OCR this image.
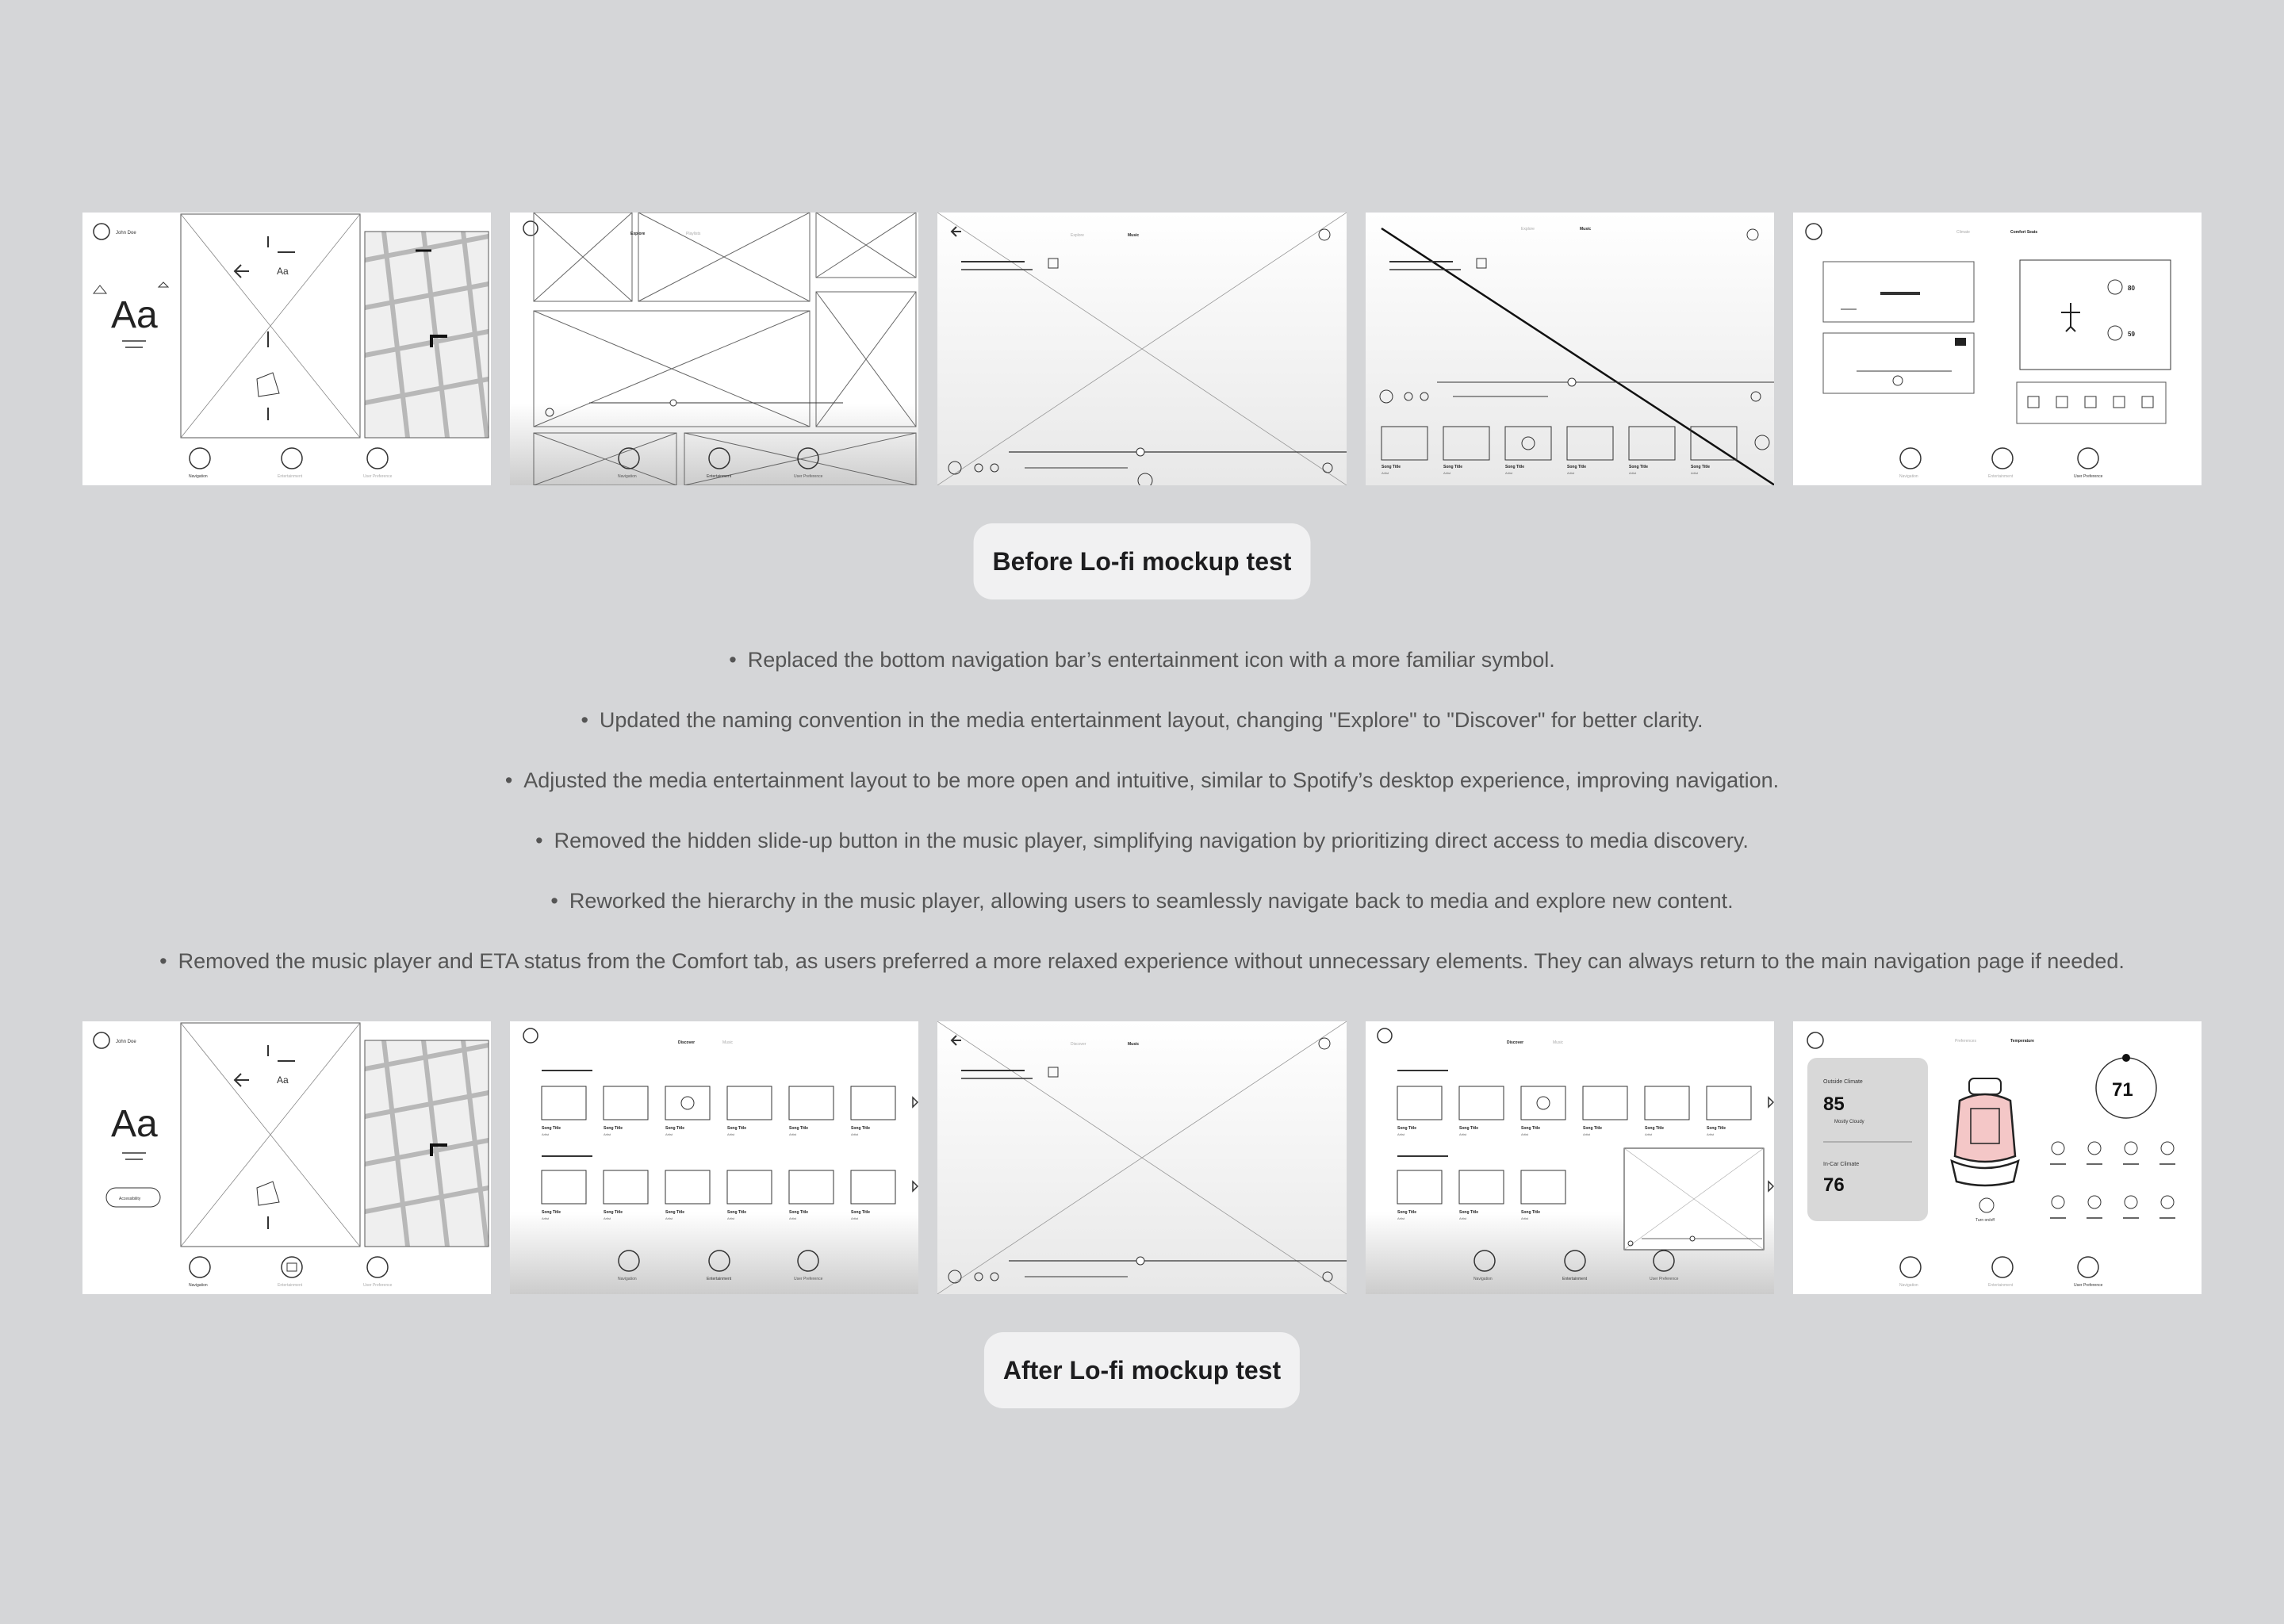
John Doe
Aa
Aa
Navigation	Entertainment	User Preference
Explore	Playlists
Navigation	Entertainment	User Preference
Explore	Music
Explore	Music
Song Title	Song Title	Song Title	Song Title	Song Title	Song Title
Artist	Artist	Artist	Artist	Artist	Artist
Climate	Comfort Seats
80
59
Navigation	Entertainment	User Preference
Before Lo-fi mockup test
• Replaced the bottom navigation bar’s entertainment icon with a more familiar symbol.
• Updated the naming convention in the media entertainment layout, changing "Explore" to "Discover" for better clarity.
• Adjusted the media entertainment layout to be more open and intuitive, similar to Spotify’s desktop experience, improving navigation.
• Removed the hidden slide-up button in the music player, simplifying navigation by prioritizing direct access to media discovery.
• Reworked the hierarchy in the music player, allowing users to seamlessly navigate back to media and explore new content.
• Removed the music player and ETA status from the Comfort tab, as users preferred a more relaxed experience without unnecessary elements. They can always return to the main navigation page if needed.
John Doe
Aa
Accessibility
Aa
Navigation	Entertainment	User Preference
Discover	Music
Song Title	Song Title	Song Title	Song Title	Song Title	Song Title
Song Title	Song Title	Song Title	Song Title	Song Title	Song Title
Artist	Artist	Artist	Artist	Artist	Artist
Artist	Artist	Artist	Artist	Artist	Artist
Navigation	Entertainment	User Preference
Discover	Music	Discover	Music
Song Title	Song Title	Song Title	Song Title	Song Title	Song Title
Song Title	Song Title	Song Title
Artist	Artist	Artist	Artist	Artist	Artist
Artist	Artist	Artist
Navigation	Entertainment	User Preference
Preferences	Temperature
Outside Climate
85
Mostly Cloudy
In-Car Climate
76
Turn on/off
71
Navigation	Entertainment	User Preference
After Lo-fi mockup test
